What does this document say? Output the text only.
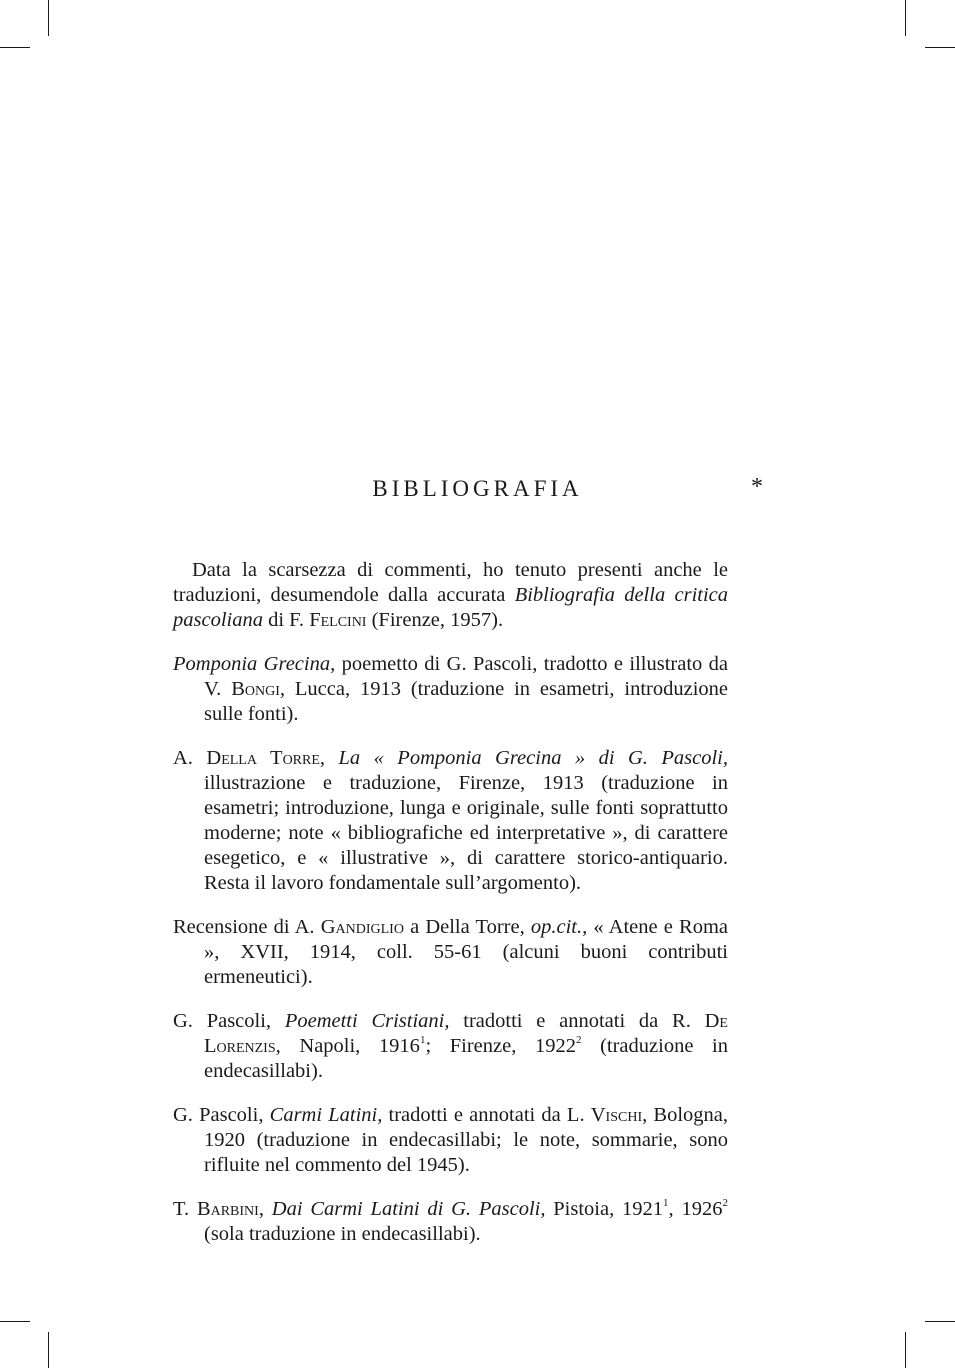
BIBLIOGRAFIA	*

Data la scarsezza di commenti, ho tenuto presenti anche le traduzioni, desumendole dalla accurata Bibliografia della critica pascoliana di F. Felcini (Firenze, 1957).

Pomponia Grecina, poemetto di G. Pascoli, tradotto e illustrato da V. Bongi, Lucca, 1913 (traduzione in esametri, introduzione sulle fonti).

A. Della Torre, La « Pomponia Grecina » di G. Pascoli, illustrazione e traduzione, Firenze, 1913 (traduzione in esametri; introduzione, lunga e originale, sulle fonti soprattutto moderne; note « bibliografiche ed interpretative », di carattere esegetico, e « illustrative », di carattere storico-antiquario. Resta il lavoro fondamentale sull’argomento).

Recensione di A. Gandiglio a Della Torre, op.cit., « Atene e Roma », XVII, 1914, coll. 55-61 (alcuni buoni contributi ermeneutici).

G. Pascoli, Poemetti Cristiani, tradotti e annotati da R. De Lorenzis, Napoli, 1916$^1$; Firenze, 1922$^2$ (traduzione in endecasillabi).

G. Pascoli, Carmi Latini, tradotti e annotati da L. Vischi, Bologna, 1920 (traduzione in endecasillabi; le note, sommarie, sono rifluite nel commento del 1945).

T. Barbini, Dai Carmi Latini di G. Pascoli, Pistoia, 1921$^1$, 1926$^2$ (sola traduzione in endecasillabi).
